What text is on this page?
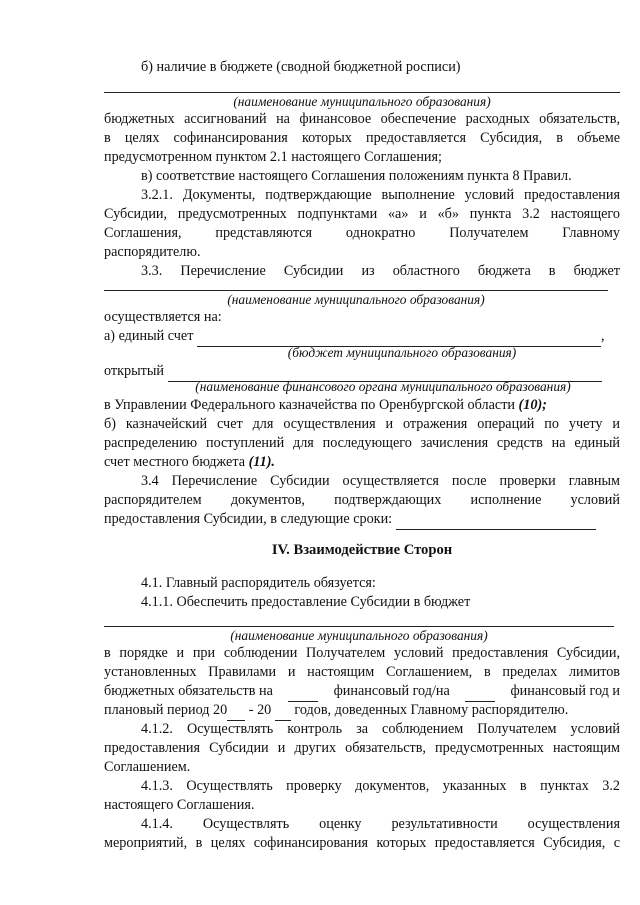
б) наличие в бюджете (сводной бюджетной росписи)
(наименование муниципального образования)
бюджетных ассигнований на финансовое обеспечение расходных обязательств,
в целях софинансирования которых предоставляется Субсидия, в объеме
предусмотренном пунктом 2.1 настоящего Соглашения;
в) соответствие настоящего Соглашения положениям пункта 8 Правил.
3.2.1. Документы, подтверждающие выполнение условий предоставления
Субсидии, предусмотренных подпунктами «а» и «б» пункта 3.2 настоящего
Соглашения, представляются однократно Получателем Главному
распорядителю.
3.3. Перечисление Субсидии из областного бюджета в бюджет
(наименование муниципального образования)
осуществляется на:
а) единый счет	,
(бюджет муниципального образования)
открытый
(наименование финансового органа муниципального образования)
в Управлении Федерального казначейства по Оренбургской области (10);
б) казначейский счет для осуществления и отражения операций по учету и
распределению поступлений для последующего зачисления средств на единый
счет местного бюджета (11).
3.4 Перечисление Субсидии осуществляется после проверки главным
распорядителем документов, подтверждающих исполнение условий
предоставления Субсидии, в следующие сроки:
IV. Взаимодействие Сторон
4.1. Главный распорядитель обязуется:
4.1.1. Обеспечить предоставление Субсидии в бюджет
(наименование муниципального образования)
в порядке и при соблюдении Получателем условий предоставления Субсидии,
установленных Правилами и настоящим Соглашением, в пределах лимитов
бюджетных обязательств на
	финансовый год/на
	финансовый год и
плановый период 20 - 20 годов, доведенных Главному распорядителю.
4.1.2. Осуществлять контроль за соблюдением Получателем условий
предоставления Субсидии и других обязательств, предусмотренных настоящим
Соглашением.
4.1.3. Осуществлять проверку документов, указанных в пунктах 3.2
настоящего Соглашения.
4.1.4. Осуществлять оценку результативности осуществления
мероприятий, в целях софинансирования которых предоставляется Субсидия, с
